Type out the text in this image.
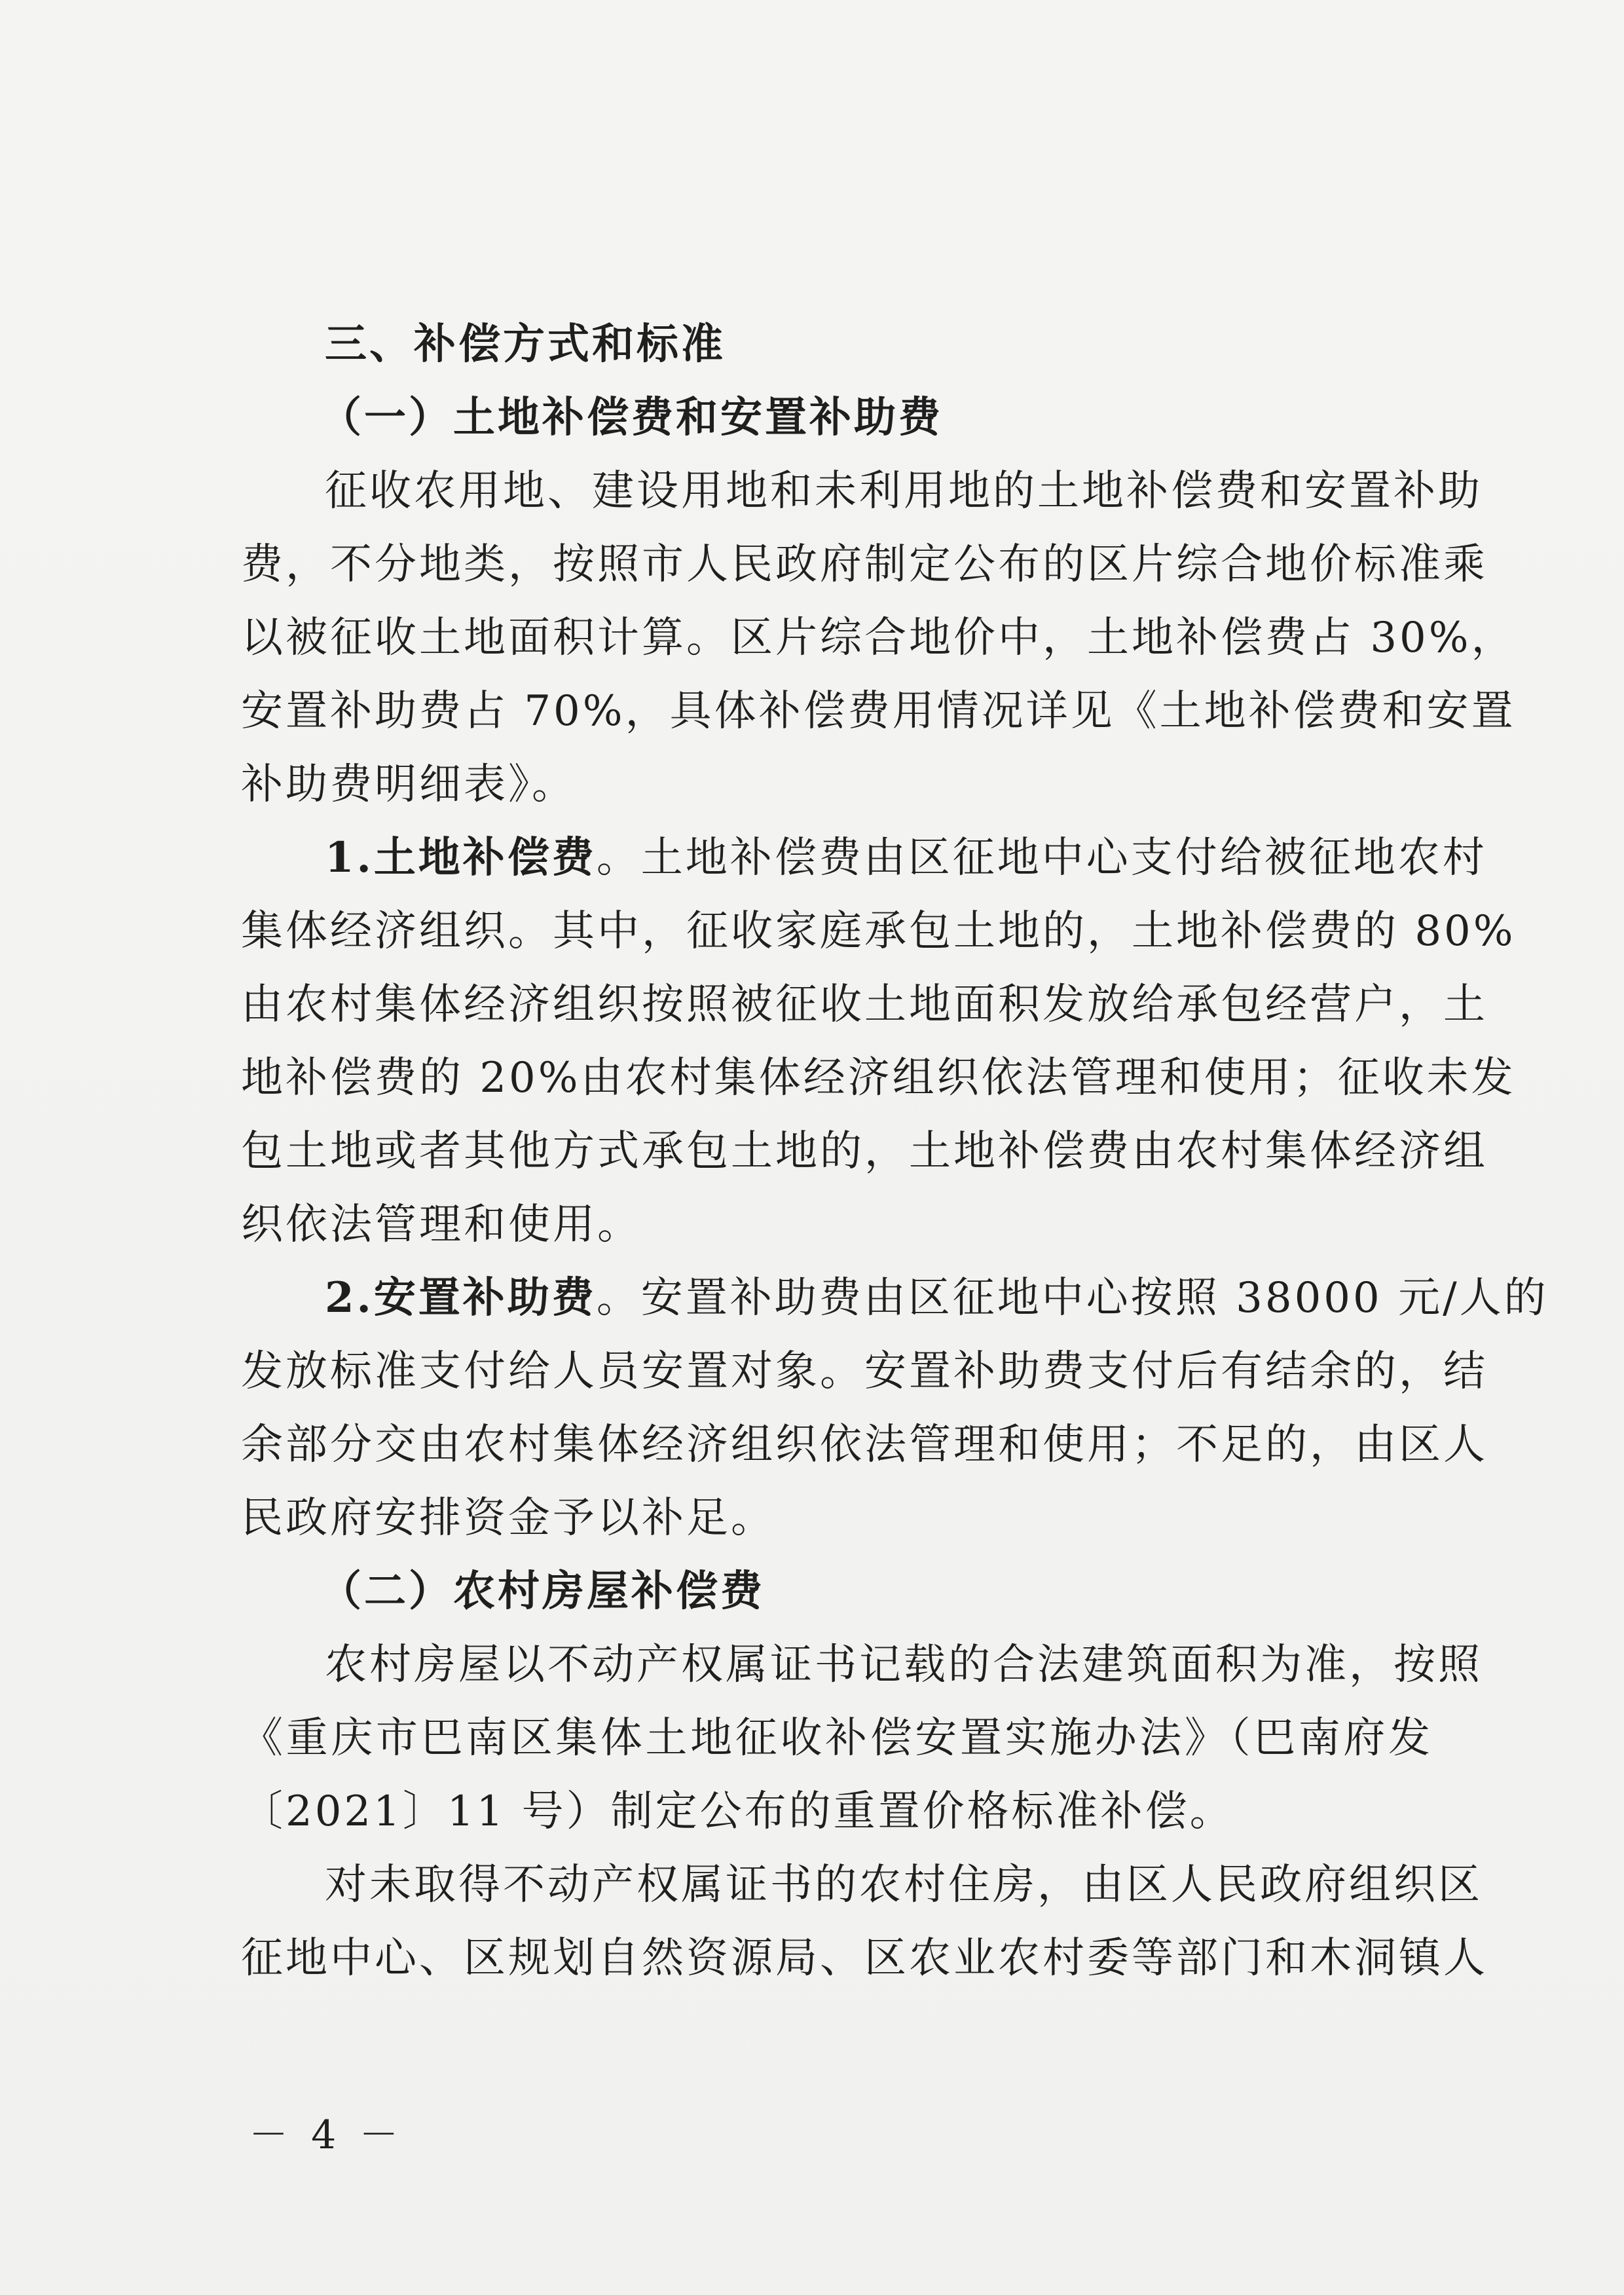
三、补偿方式和标准
（一）土地补偿费和安置补助费
征收农用地、建设用地和未利用地的土地补偿费和安置补助
费，不分地类，按照市人民政府制定公布的区片综合地价标准乘
以被征收土地面积计算。区片综合地价中，土地补偿费占 30%，
安置补助费占 70%，具体补偿费用情况详见《土地补偿费和安置
补助费明细表》。
1.土地补偿费。土地补偿费由区征地中心支付给被征地农村
集体经济组织。其中，征收家庭承包土地的，土地补偿费的 80%
由农村集体经济组织按照被征收土地面积发放给承包经营户，土
地补偿费的 20%由农村集体经济组织依法管理和使用；征收未发
包土地或者其他方式承包土地的，土地补偿费由农村集体经济组
织依法管理和使用。
2.安置补助费。安置补助费由区征地中心按照 38000 元/人的
发放标准支付给人员安置对象。安置补助费支付后有结余的，结
余部分交由农村集体经济组织依法管理和使用；不足的，由区人
民政府安排资金予以补足。
（二）农村房屋补偿费
农村房屋以不动产权属证书记载的合法建筑面积为准，按照
《重庆市巴南区集体土地征收补偿安置实施办法》（巴南府发
〔2021〕11 号）制定公布的重置价格标准补偿。
对未取得不动产权属证书的农村住房，由区人民政府组织区
征地中心、区规划自然资源局、区农业农村委等部门和木洞镇人
－ 4 －
